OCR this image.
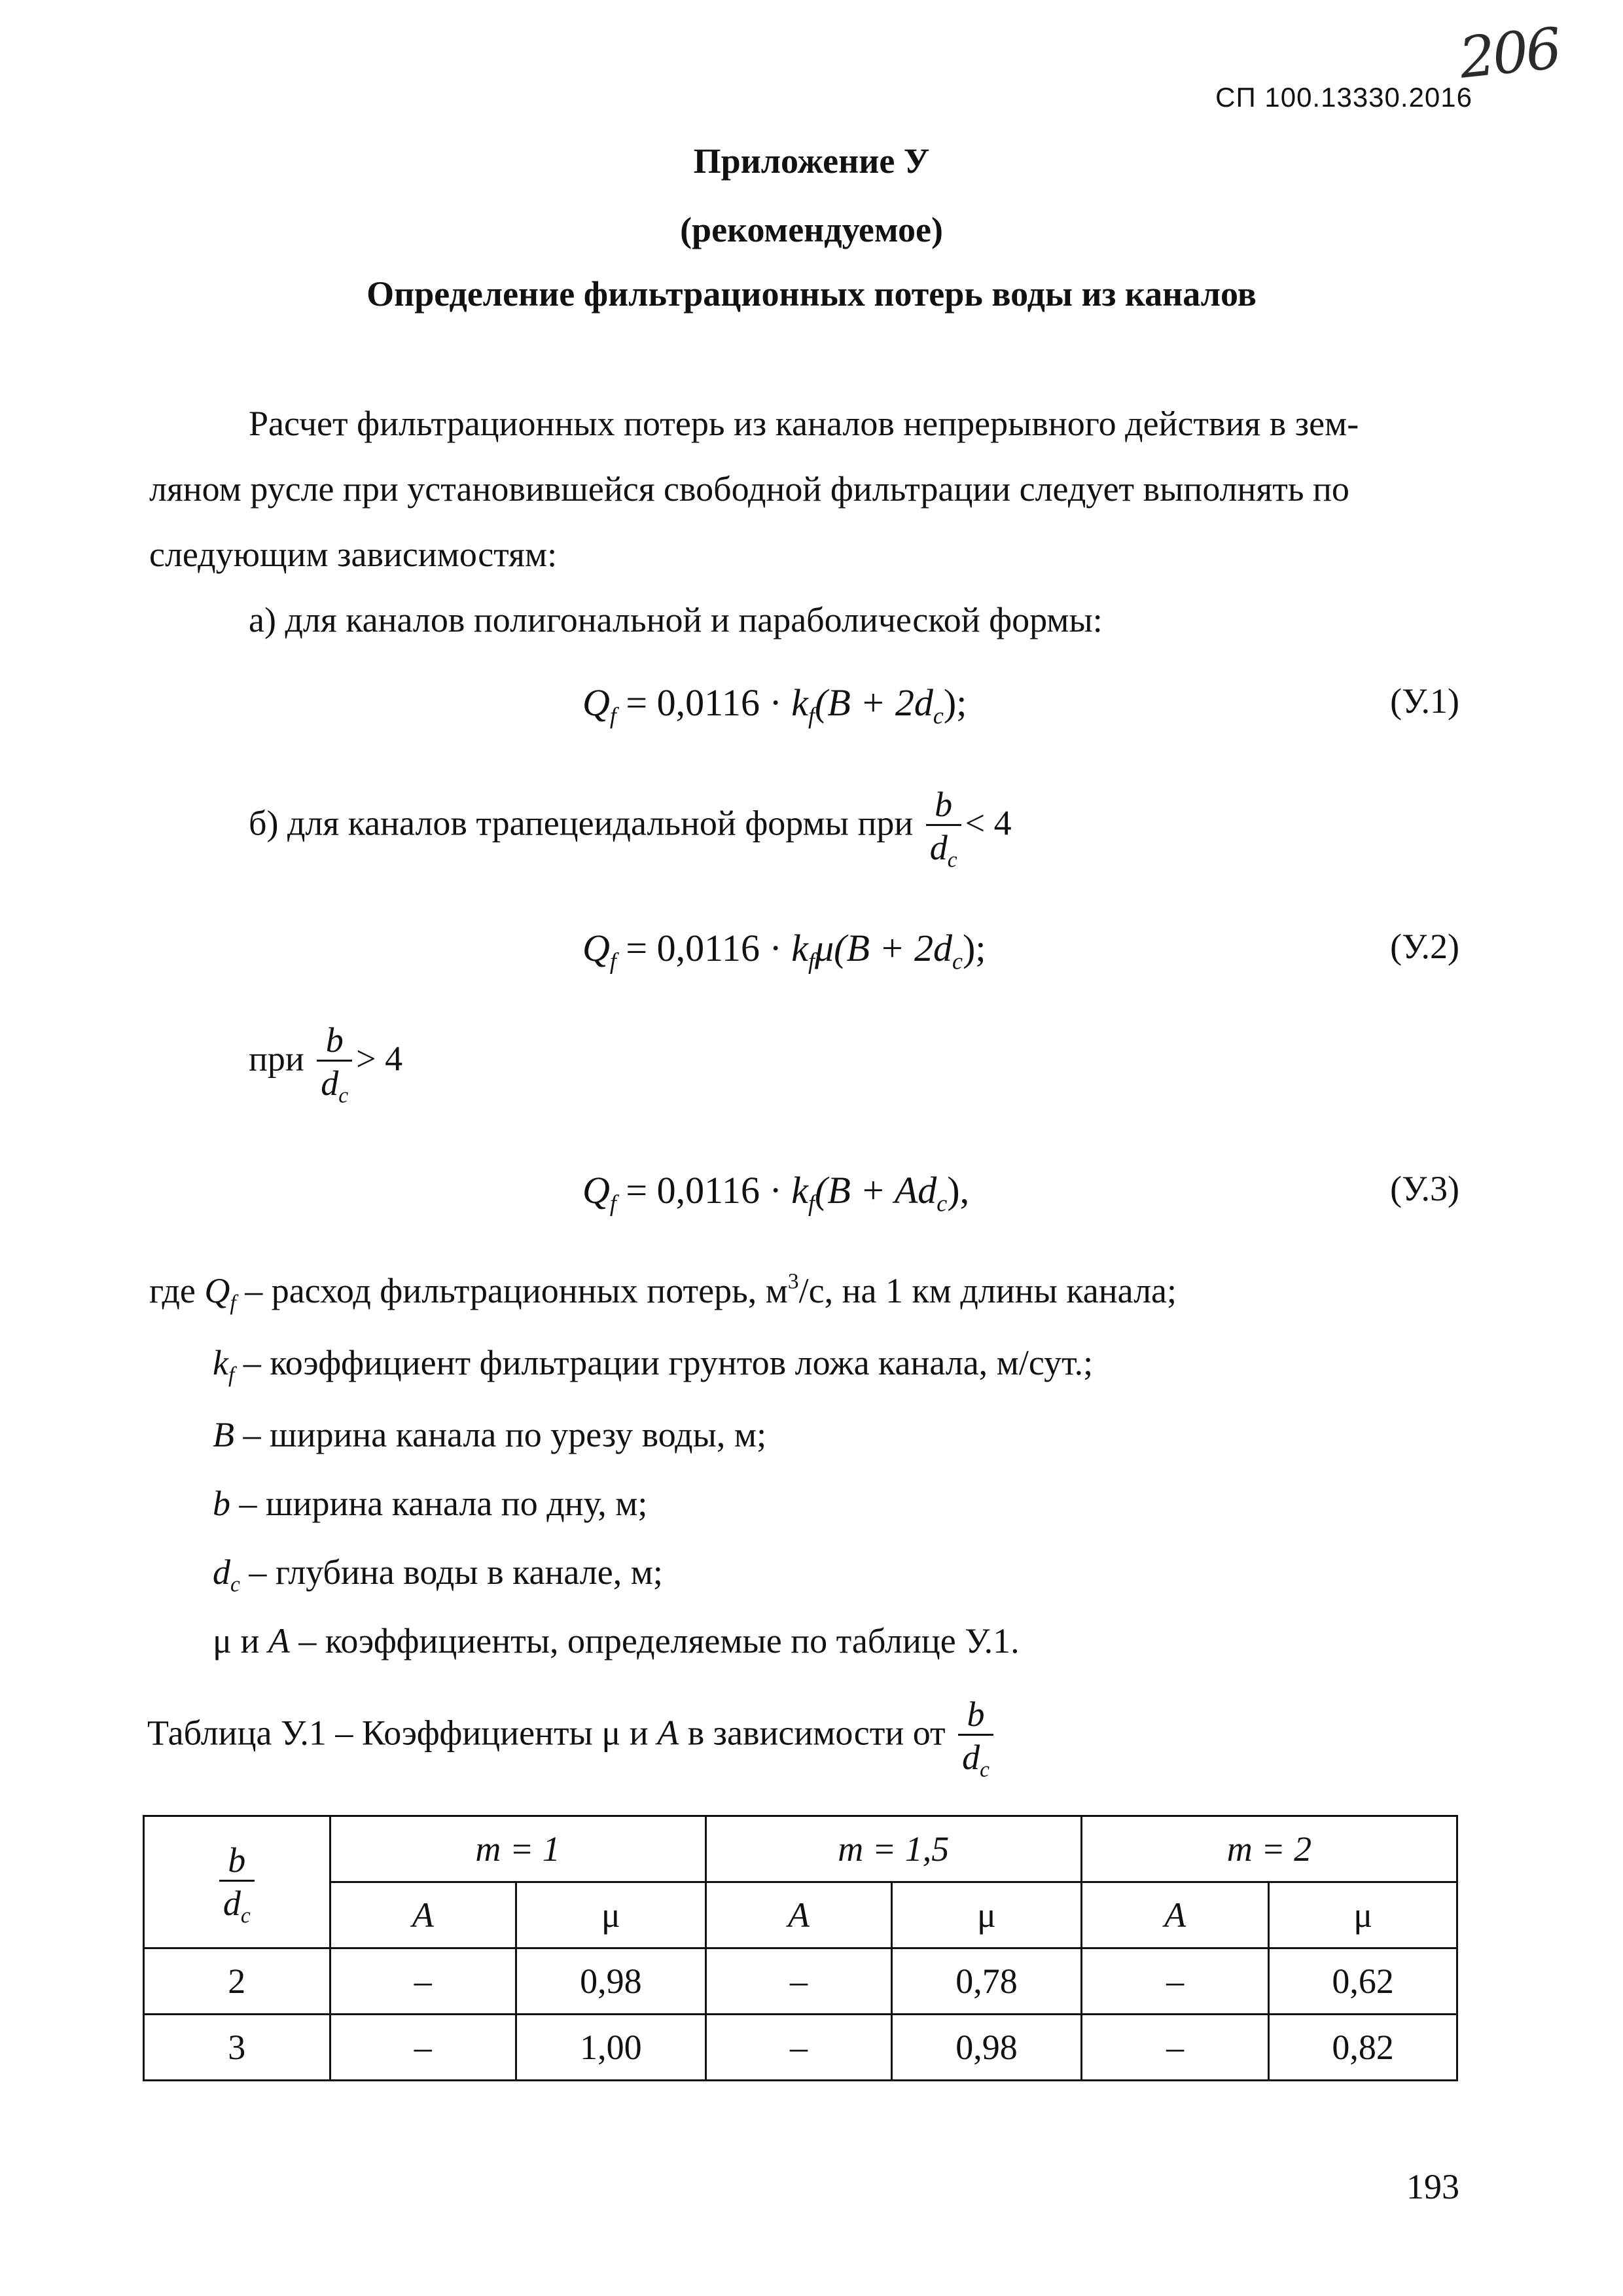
206
СП 100.13330.2016
Приложение У
(рекомендуемое)
Определение фильтрационных потерь воды из каналов
Расчет фильтрационных потерь из каналов непрерывного действия в зем-
ляном русле при установившейся свободной фильтрации следует выполнять по
следующим зависимостям:
а) для каналов полигональной и параболической формы:
$Q_f = 0,0116 \cdot k_f(B + 2d_c)$;	(У.1)
б) для каналов трапецеидальной формы при $\frac{b}{d_c} < 4$
$Q_f = 0,0116 \cdot k_f\mu(B + 2d_c)$;	(У.2)
при $\frac{b}{d_c} > 4$
$Q_f = 0,0116 \cdot k_f(B + Ad_c)$,	(У.3)
где $Q_f$ – расход фильтрационных потерь, $м^3/с$, на 1 км длины канала;
$k_f$ – коэффициент фильтрации грунтов ложа канала, м/сут.;
B – ширина канала по урезу воды, м;
b – ширина канала по дну, м;
$d_c$ – глубина воды в канале, м;
μ и A – коэффициенты, определяемые по таблице У.1.
Таблица У.1 – Коэффициенты μ и A в зависимости от $\frac{b}{d_c}$
$\frac{b}{d_c}$	m = 1		m = 1,5		m = 2	
	A	μ	A	μ	A	μ
2	–	0,98	–	0,78	–	0,62
3	–	1,00	–	0,98	–	0,82
193
